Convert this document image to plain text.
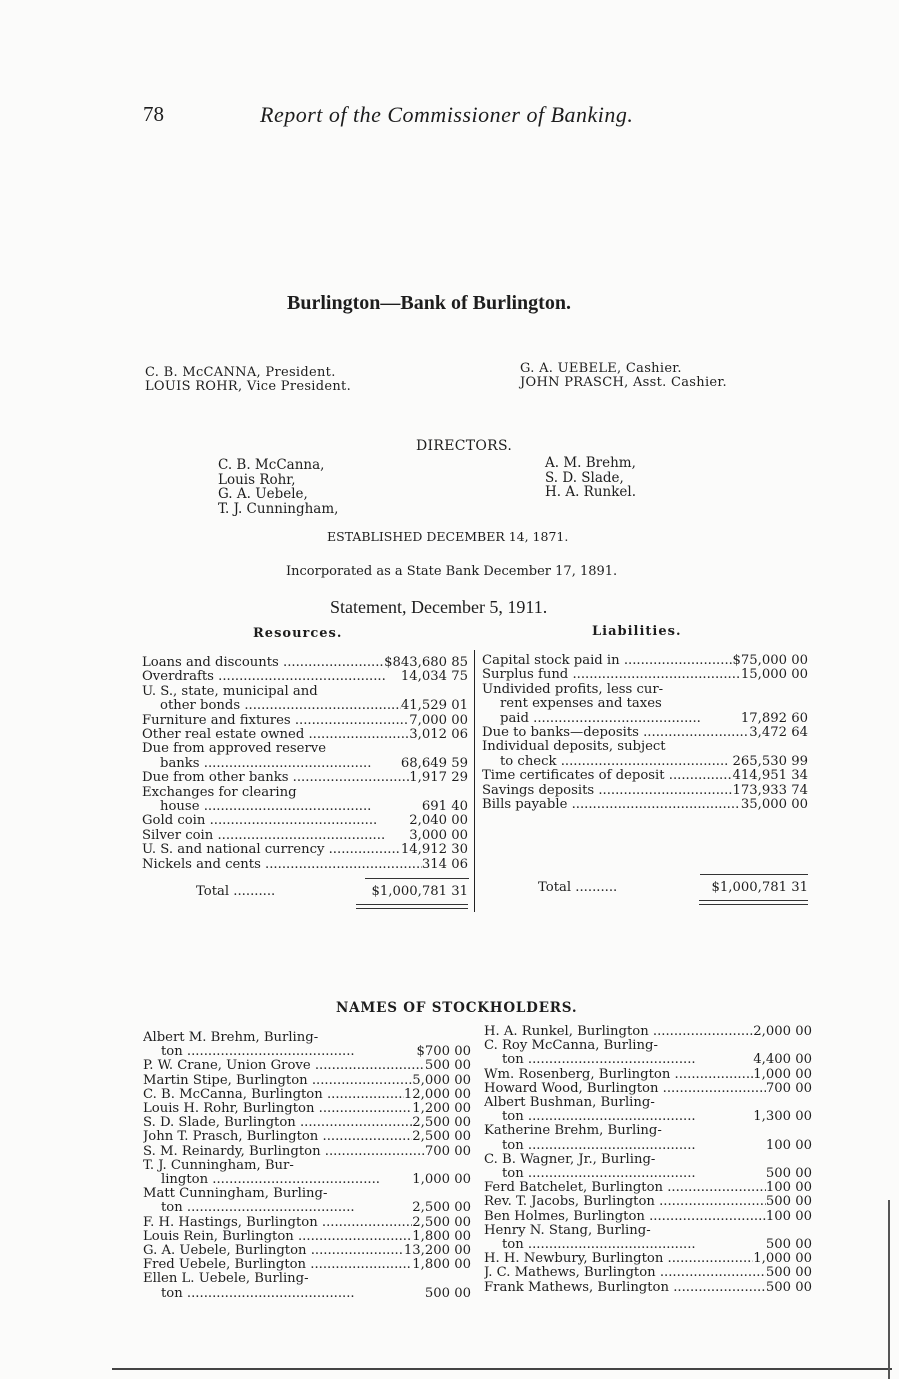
78	Report of the Commissioner of Banking.
Burlington—Bank of Burlington.
C. B. McCANNA, President.
LOUIS ROHR, Vice President.
G. A. UEBELE, Cashier.
JOHN PRASCH, Asst. Cashier.
DIRECTORS.
C. B. McCanna,
Louis Rohr,
G. A. Uebele,
T. J. Cunningham,
A. M. Brehm,
S. D. Slade,
H. A. Runkel.
ESTABLISHED DECEMBER 14, 1871.
Incorporated as a State Bank December 17, 1891.
Statement, December 5, 1911.
Resources.	Liabilities.
Loans and discounts .....	$843,680 85
Overdrafts .....	14,034 75
U. S., state, municipal and
other bonds .....	41,529 01
Furniture and fixtures .....	7,000 00
Other real estate owned .....	3,012 06
Due from approved reserve
banks .....	68,649 59
Due from other banks .....	1,917 29
Exchanges for clearing
house .....	691 40
Gold coin .....	2,040 00
Silver coin .....	3,000 00
U. S. and national currency .....	14,912 30
Nickels and cents .....	314 06
Capital stock paid in .....	$75,000 00
Surplus fund .....	15,000 00
Undivided profits, less cur-
rent expenses and taxes
paid .....	17,892 60
Due to banks—deposits .....	3,472 64
Individual deposits, subject
to check .....	265,530 99
Time certificates of deposit .....	414,951 34
Savings deposits .....	173,933 74
Bills payable .....	35,000 00
Total ..........	$1,000,781 31	Total ..........	$1,000,781 31
NAMES OF STOCKHOLDERS.
Albert M. Brehm, Burling-
ton .....	$700 00
P. W. Crane, Union Grove .....	500 00
Martin Stipe, Burlington .....	5,000 00
C. B. McCanna, Burlington .....	12,000 00
Louis H. Rohr, Burlington .....	1,200 00
S. D. Slade, Burlington .....	2,500 00
John T. Prasch, Burlington .....	2,500 00
S. M. Reinardy, Burlington .....	700 00
T. J. Cunningham, Bur-
lington .....	1,000 00
Matt Cunningham, Burling-
ton .....	2,500 00
F. H. Hastings, Burlington .....	2,500 00
Louis Rein, Burlington .....	1,800 00
G. A. Uebele, Burlington .....	13,200 00
Fred Uebele, Burlington .....	1,800 00
Ellen L. Uebele, Burling-
ton .....	500 00
H. A. Runkel, Burlington .....	2,000 00
C. Roy McCanna, Burling-
ton .....	4,400 00
Wm. Rosenberg, Burlington .....	1,000 00
Howard Wood, Burlington .....	700 00
Albert Bushman, Burling-
ton .....	1,300 00
Katherine Brehm, Burling-
ton .....	100 00
C. B. Wagner, Jr., Burling-
ton .....	500 00
Ferd Batchelet, Burlington .....	100 00
Rev. T. Jacobs, Burlington .....	500 00
Ben Holmes, Burlington .....	100 00
Henry N. Stang, Burling-
ton .....	500 00
H. H. Newbury, Burlington .....	1,000 00
J. C. Mathews, Burlington .....	500 00
Frank Mathews, Burlington .....	500 00
